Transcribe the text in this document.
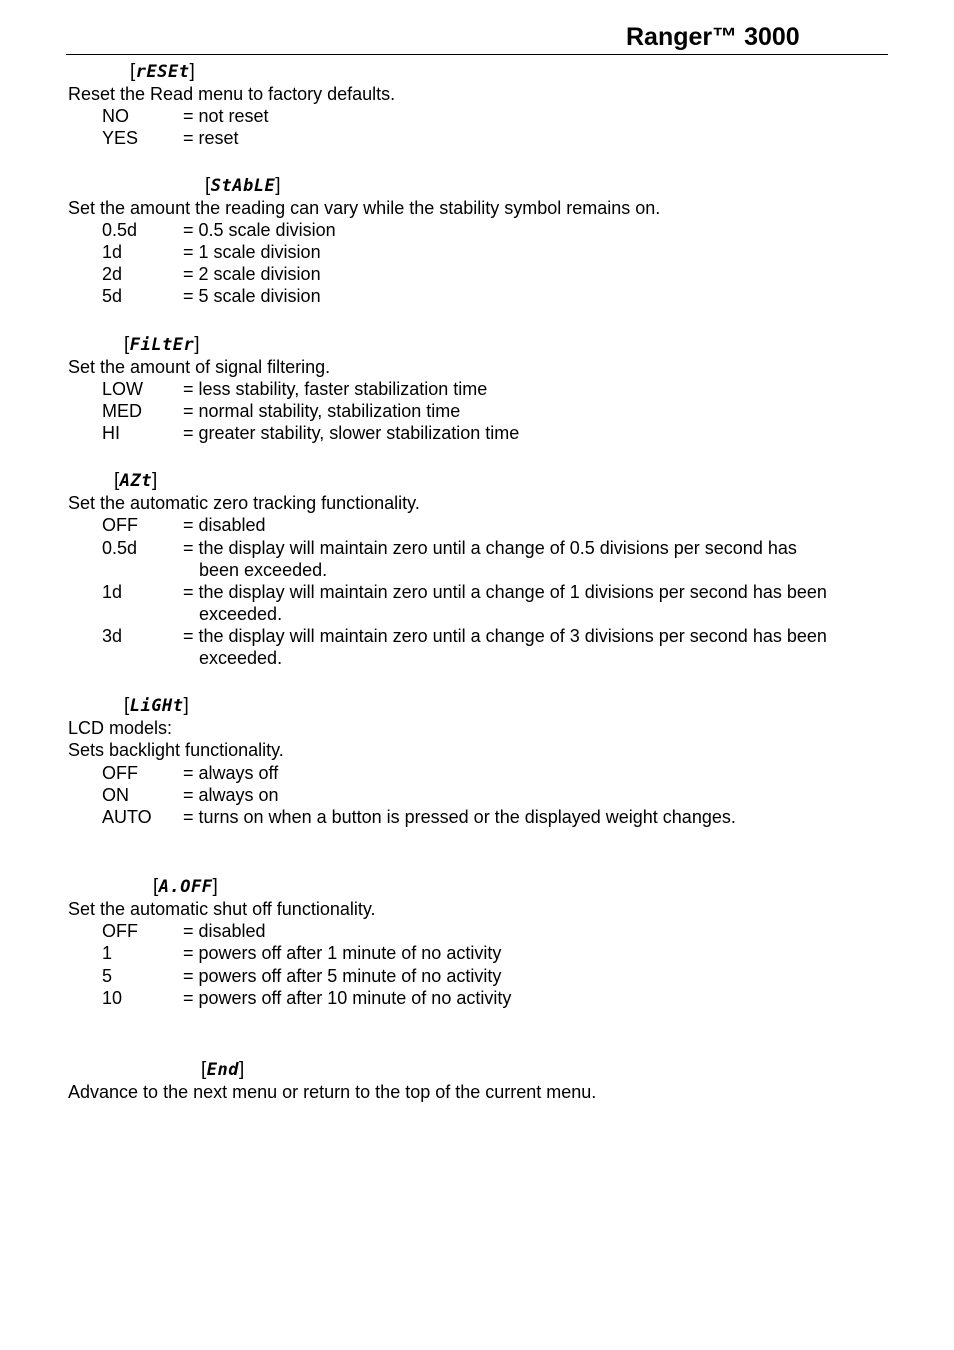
Ranger™ 3000
[rESEt]
Reset the Read menu to factory defaults.
NO	= not reset
YES = reset
[StAbLE]
Set the amount the reading can vary while the stability symbol remains on.
0.5d	= 0.5 scale division
1d	= 1 scale division
2d	= 2 scale division
5d	= 5 scale division
[FiLtEr]
Set the amount of signal filtering.
LOW = less stability, faster stabilization time
MED = normal stability, stabilization time
HI	= greater stability, slower stabilization time
[AZt]
Set the automatic zero tracking functionality.
OFF	= disabled
0.5d	= the display will maintain zero until a change of 0.5 divisions per second has
been exceeded.
1d	= the display will maintain zero until a change of 1 divisions per second has been
exceeded.
3d	= the display will maintain zero until a change of 3 divisions per second has been
exceeded.
[LiGHt]
LCD models:
Sets backlight functionality.
OFF	= always off
ON	= always on
AUTO = turns on when a button is pressed or the displayed weight changes.
[A.OFF]
Set the automatic shut off functionality.
OFF	= disabled
1	= powers off after 1 minute of no activity
5	= powers off after 5 minute of no activity
10	= powers off after 10 minute of no activity
[End]
Advance to the next menu or return to the top of the current menu.
